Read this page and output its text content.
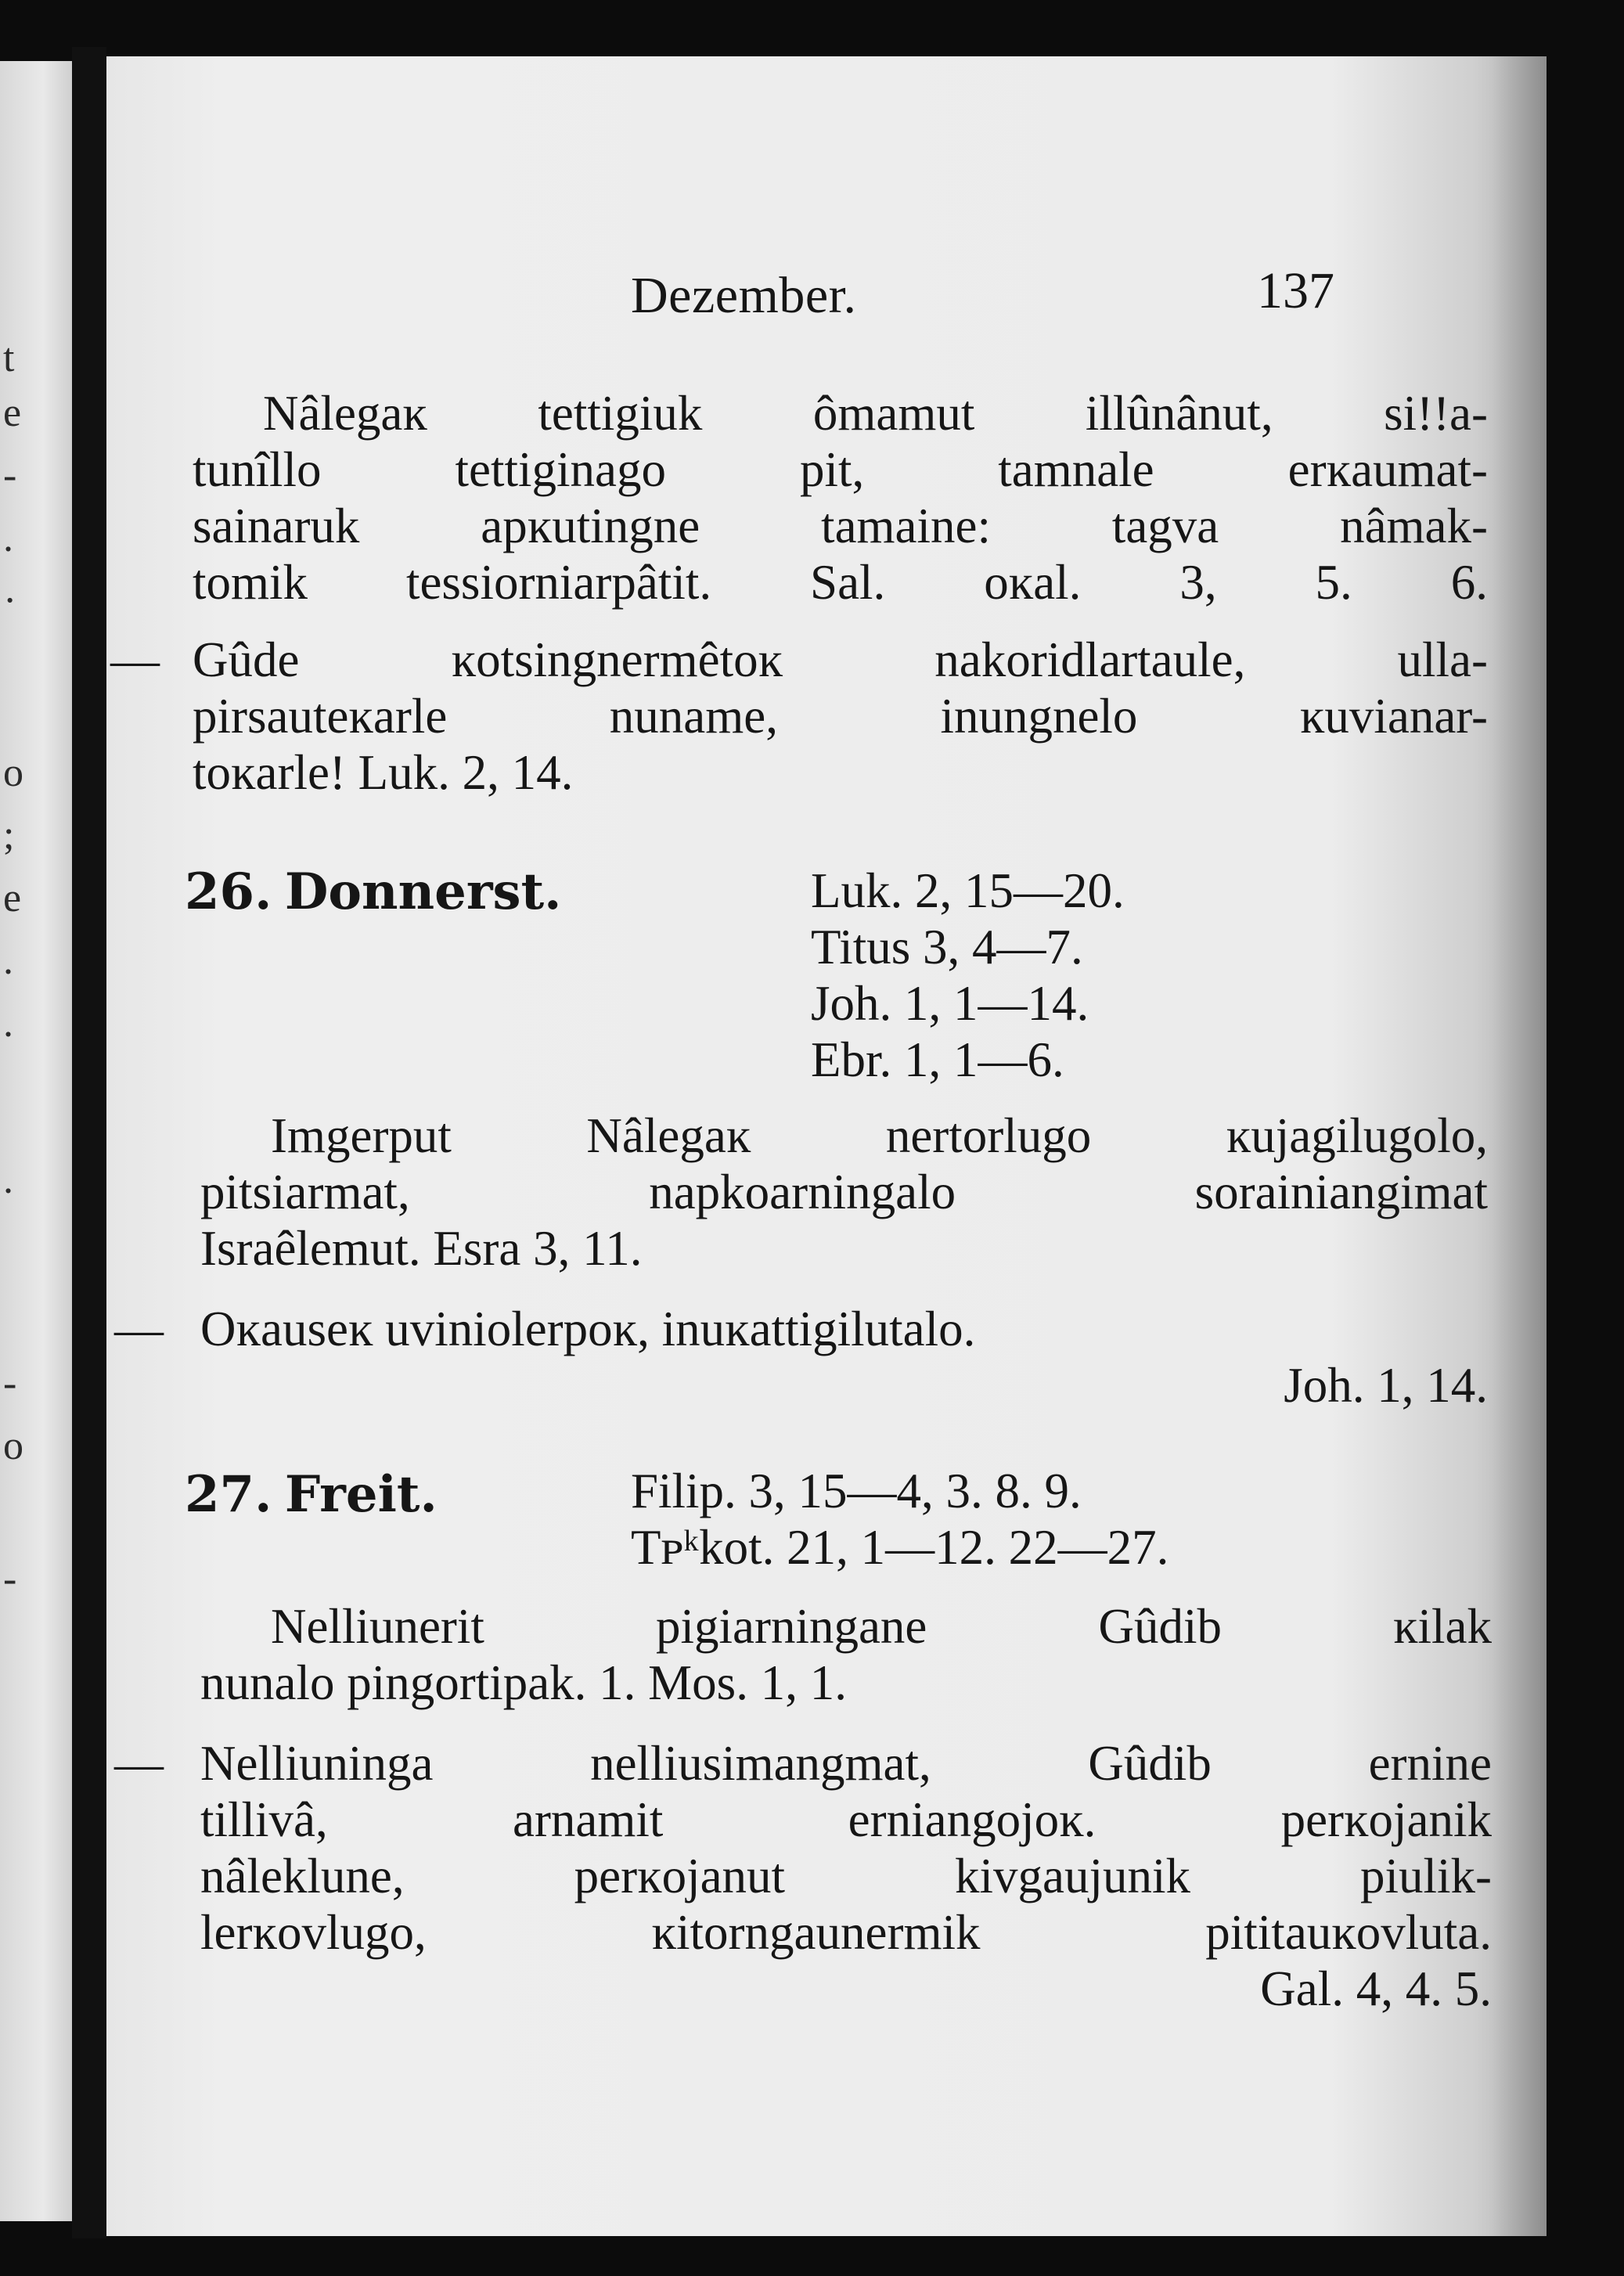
t
e
-
.
·
o
;
e
.
.
.
-
o
-
Dezember.	137
Nâlegaĸ tettigiuk ômamut illûnânut, si!!a-
tunîllo tettiginago pit, tamnale erĸaumat-
sainaruk apĸutingne tamaine: tagva nâmak-
tomik tessiorniarpâtit. Sal. oĸal. 3, 5. 6.
— Gûde ĸotsingnermêtoĸ nakoridlartaule, ulla-
pirsauteĸarle nuname, inungnelo ĸuvianar-
toĸarle! Luk. 2, 14.
26. Donnerst.	Luk. 2, 15—20.
Titus 3, 4—7.
Joh. 1, 1—14.
Ebr. 1, 1—6.
Imgerput Nâlegaĸ nertorlugo ĸujagilugolo,
pitsiarmat, napkoarningalo sorainiangimat
Israêlemut. Esra 3, 11.
— Oĸauseĸ uviniolerpoĸ, inuĸattigilutalo.
Joh. 1, 14.
27. Freit.	Filip. 3, 15—4, 3. 8. 9.
Tᴘᵏkot. 21, 1—12. 22—27.
Nelliunerit pigiarningane Gûdib ĸilak
nunalo pingortipak. 1. Mos. 1, 1.
— Nelliuninga nelliusimangmat, Gûdib ernine
tillivâ, arnamit erniangojoĸ. perĸojanik
nâleklune, perĸojanut kivgaujunik piulik-
lerĸovlugo, ĸitorngaunermik pititauĸovluta.
Gal. 4, 4. 5.
